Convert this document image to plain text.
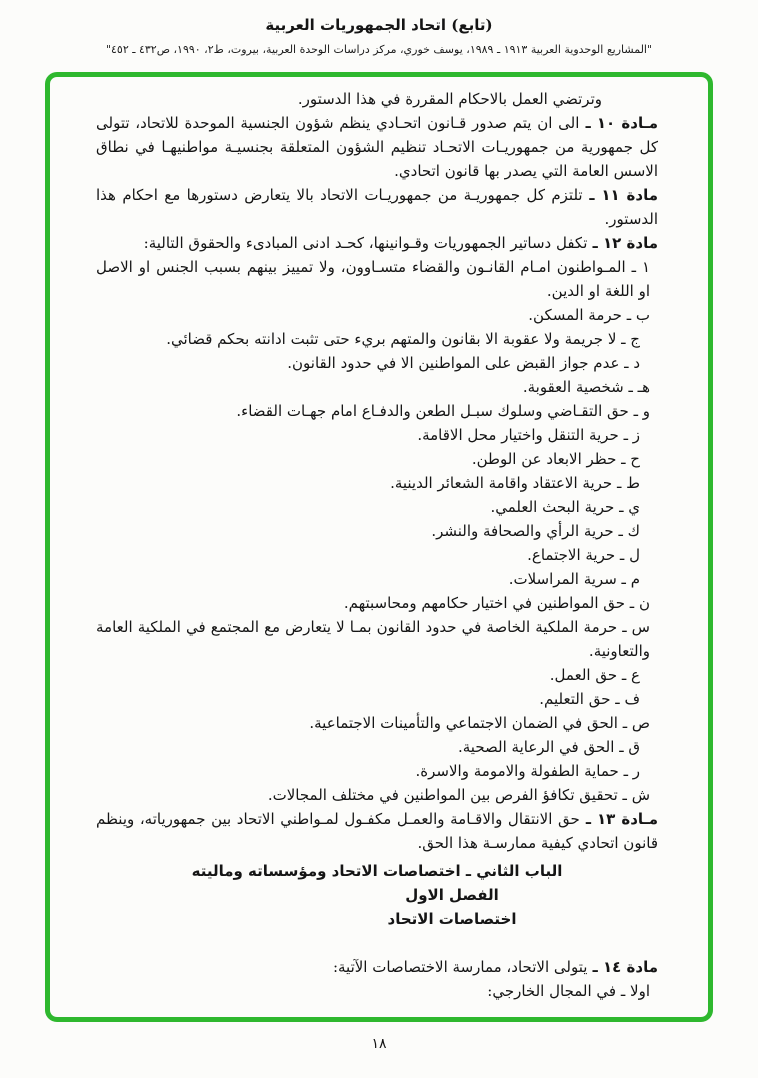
(تابع) اتحاد الجمهوريات العربية
"المشاريع الوحدوية العربية ١٩١٣ ـ ١٩٨٩، يوسف خوري، مركز دراسات الوحدة العربية، بيروت، ط٢، ١٩٩٠، ص٤٣٢ ـ ٤٥٢"
وترتضي العمل بالاحكام المقررة في هذا الدستور.
مـادة ١٠ ـ الى ان يتم صدور قـانون اتحـادي ينظم شؤون الجنسية الموحدة للاتحاد، تتولى كل جمهورية من جمهوريـات الاتحـاد تنظيم الشؤون المتعلقة بجنسيـة مواطنيهـا في نطاق الاسس العامة التي يصدر بها قانون اتحادي.
مادة ١١ ـ تلتزم كل جمهوريـة من جمهوريـات الاتحاد بالا يتعارض دستورها مع احكام هذا الدستور.
مادة ١٢ ـ تكفل دساتير الجمهوريات وقـوانينها، كحـد ادنى المبادىء والحقوق التالية:
١ ـ المـواطنون امـام القانـون والقضاء متسـاوون، ولا تمييز بينهم بسبب الجنس او الاصل او اللغة او الدين.
ب ـ حرمة المسكن.
ج ـ لا جريمة ولا عقوبة الا بقانون والمتهم بريء حتى تثبت ادانته بحكم قضائي.
د ـ عدم جواز القبض على المواطنين الا في حدود القانون.
هـ ـ شخصية العقوبة.
و ـ حق التقـاضي وسلوك سبـل الطعن والدفـاع امام جهـات القضاء.
ز ـ حرية التنقل واختيار محل الاقامة.
ح ـ حظر الابعاد عن الوطن.
ط ـ حرية الاعتقاد واقامة الشعائر الدينية.
ي ـ حرية البحث العلمي.
ك ـ حرية الرأي والصحافة والنشر.
ل ـ حرية الاجتماع.
م ـ سرية المراسلات.
ن ـ حق المواطنين في اختيار حكامهم ومحاسبتهم.
س ـ حرمة الملكية الخاصة في حدود القانون بمـا لا يتعارض مع المجتمع في الملكية العامة والتعاونية.
ع ـ حق العمل.
ف ـ حق التعليم.
ص ـ الحق في الضمان الاجتماعي والتأمينات الاجتماعية.
ق ـ الحق في الرعاية الصحية.
ر ـ حماية الطفولة والامومة والاسرة.
ش ـ تحقيق تكافؤ الفرص بين المواطنين في مختلف المجالات.
مـادة ١٣ ـ حق الانتقال والاقـامة والعمـل مكفـول لمـواطني الاتحاد بين جمهورياته، وينظم قانون اتحادي كيفية ممارسـة هذا الحق.
الباب الثاني ـ اختصاصات الاتحاد ومؤسساته وماليته
الفصل الاول
اختصاصات الاتحاد
مادة ١٤ ـ يتولى الاتحاد، ممارسة الاختصاصات الآتية:
اولا ـ في المجال الخارجي:
١٨
